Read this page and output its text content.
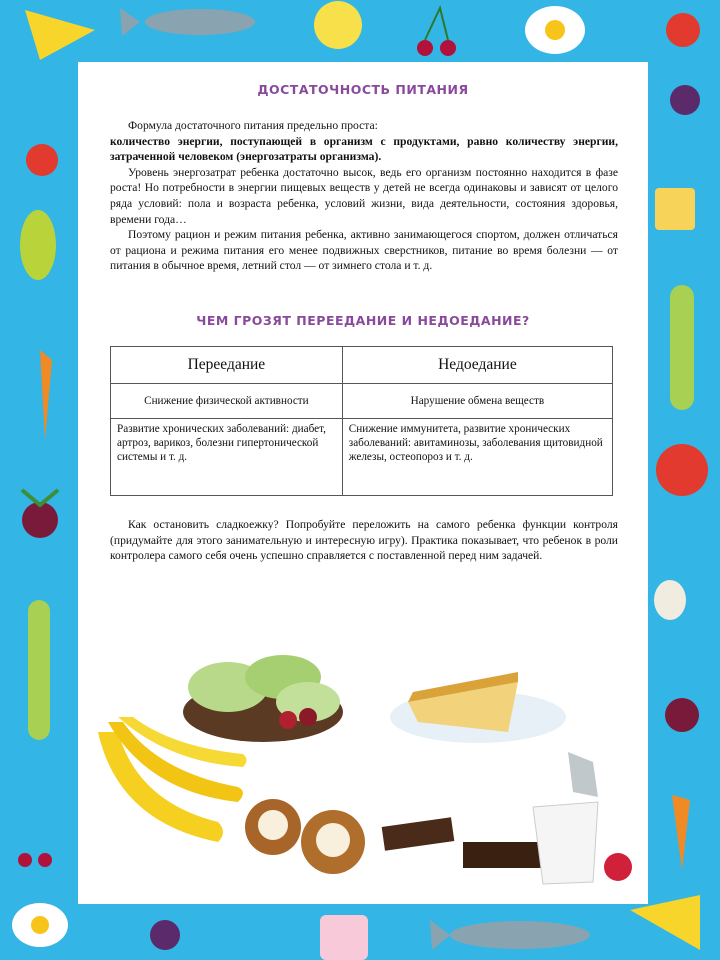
ДОСТАТОЧНОСТЬ ПИТАНИЯ

Формула достаточного питания предельно проста:

количество энергии, поступающей в организм с продуктами, равно количеству энергии, затраченной человеком (энергозатраты организма).

Уровень энергозатрат ребенка достаточно высок, ведь его организм постоянно находится в фазе роста! Но потребности в энергии пищевых веществ у детей не всегда одинаковы и зависят от целого ряда условий: пола и возраста ребенка, условий жизни, вида деятельности, состояния здоровья, времени года…

Поэтому рацион и режим питания ребенка, активно занимающегося спортом, должен отличаться от рациона и режима питания его менее подвижных сверстников, питание во время болезни — от питания в обычное время, летний стол — от зимнего стола и т. д.

ЧЕМ ГРОЗЯТ ПЕРЕЕДАНИЕ И НЕДОЕДАНИЕ?
Переедание	Недоедание
Снижение физической активности	Нарушение обмена веществ
Развитие хронических заболеваний: диабет, артроз, варикоз, болезни гипертонической системы и т. д.	Снижение иммунитета, развитие хронических заболеваний: авитаминозы, заболевания щитовидной железы, остеопороз и т. д.

Как остановить сладкоежку? Попробуйте переложить на самого ребенка функции контроля (придумайте для этого занимательную и интересную игру). Практика показывает, что ребенок в роли контролера самого себя очень успешно справляется с поставленной перед ним задачей.
